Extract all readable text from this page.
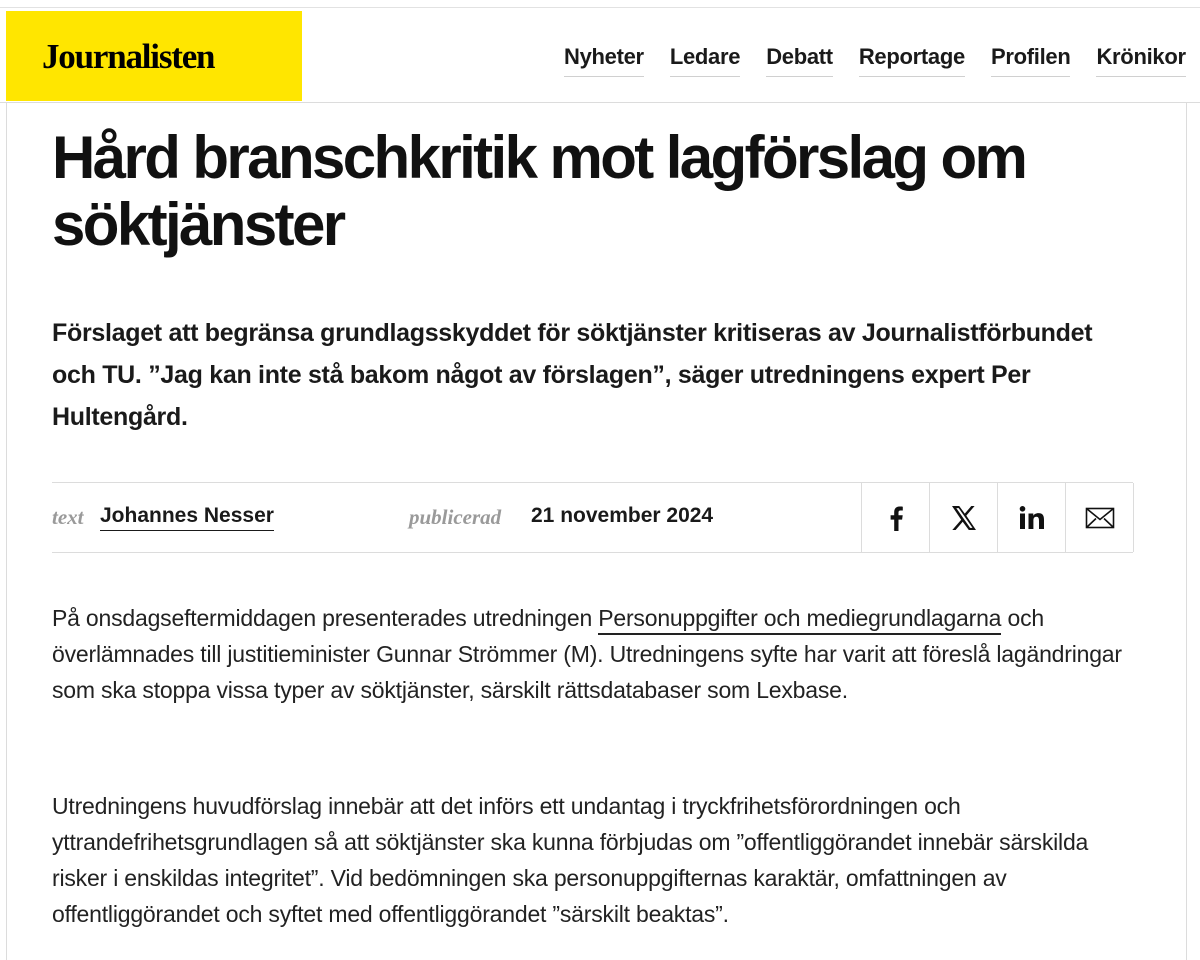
Journalisten	Nyheter Ledare Debatt Reportage Profilen Krönikor
Hård branschkritik mot lagförslag om söktjänster

Förslaget att begränsa grundlagsskyddet för söktjänster kritiseras av Journalistförbundet och TU. ”Jag kan inte stå bakom något av förslagen”, säger utredningens expert Per Hultengård.

text Johannes Nesser	publicerad 21 november 2024

På onsdagseftermiddagen presenterades utredningen Personuppgifter och mediegrundlagarna och överlämnades till justitieminister Gunnar Strömmer (M). Utredningens syfte har varit att föreslå lagändringar som ska stoppa vissa typer av söktjänster, särskilt rättsdatabaser som Lexbase.

Utredningens huvudförslag innebär att det införs ett undantag i tryckfrihetsförordningen och yttrandefrihetsgrundlagen så att söktjänster ska kunna förbjudas om ”offentliggörandet innebär särskilda risker i enskildas integritet”. Vid bedömningen ska personuppgifternas karaktär, omfattningen av offentliggörandet och syftet med offentliggörandet ”särskilt beaktas”.
